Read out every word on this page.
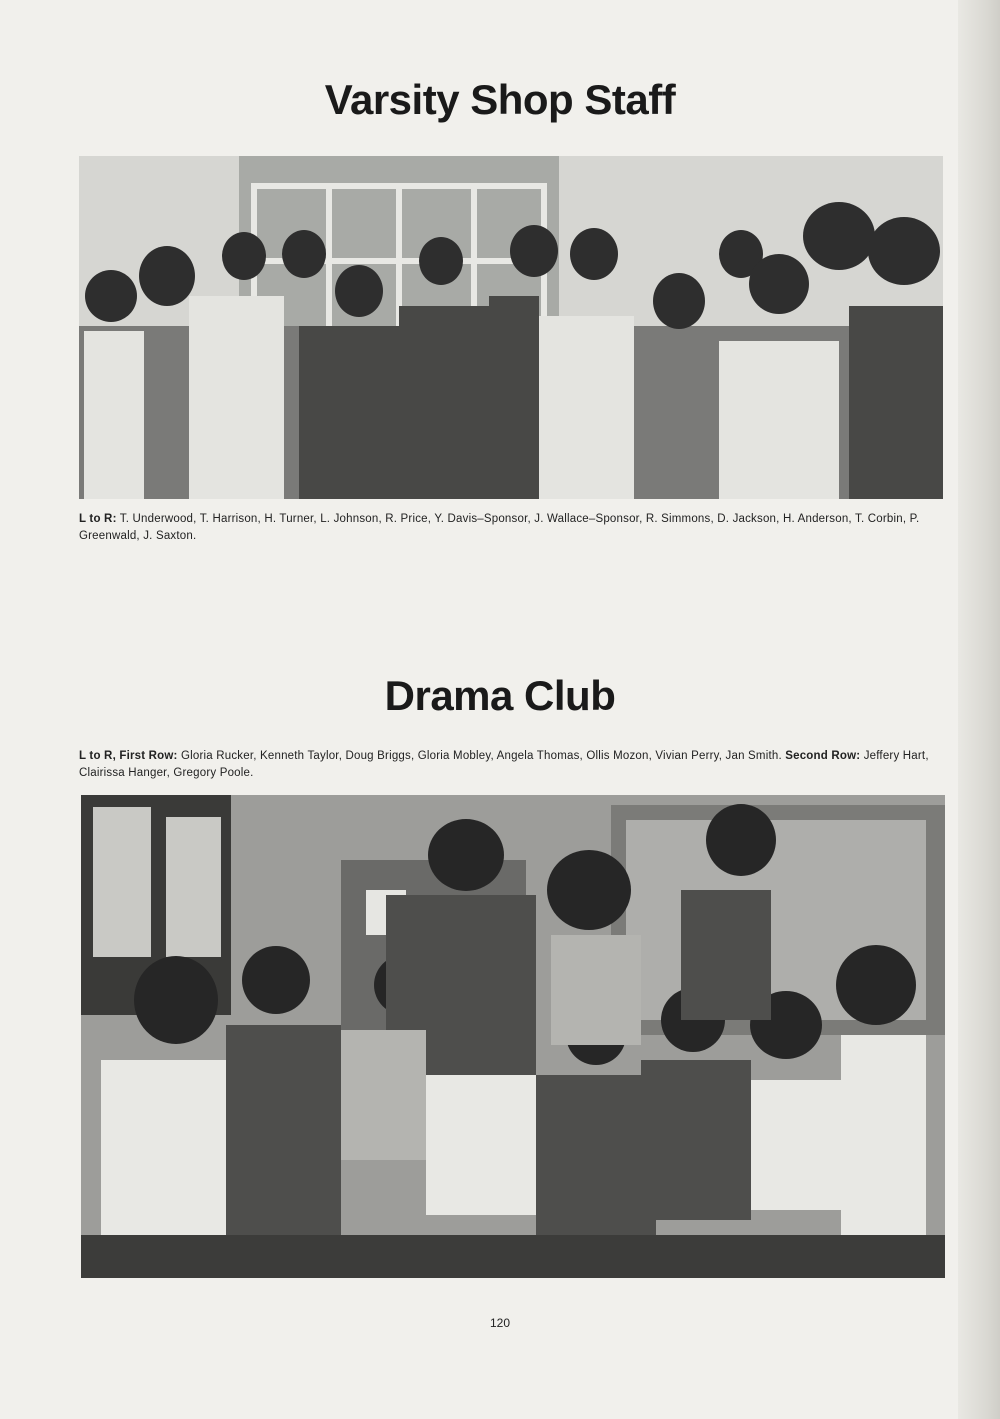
Varsity Shop Staff

L to R: T. Underwood, T. Harrison, H. Turner, L. Johnson, R. Price, Y. Davis–Sponsor, J. Wallace–Sponsor, R. Simmons, D. Jackson, H. Anderson, T. Corbin, P. Greenwald, J. Saxton.

Drama Club

L to R, First Row: Gloria Rucker, Kenneth Taylor, Doug Briggs, Gloria Mobley, Angela Thomas, Ollis Mozon, Vivian Perry, Jan Smith. Second Row: Jeffery Hart, Clairissa Hanger, Gregory Poole.

120
